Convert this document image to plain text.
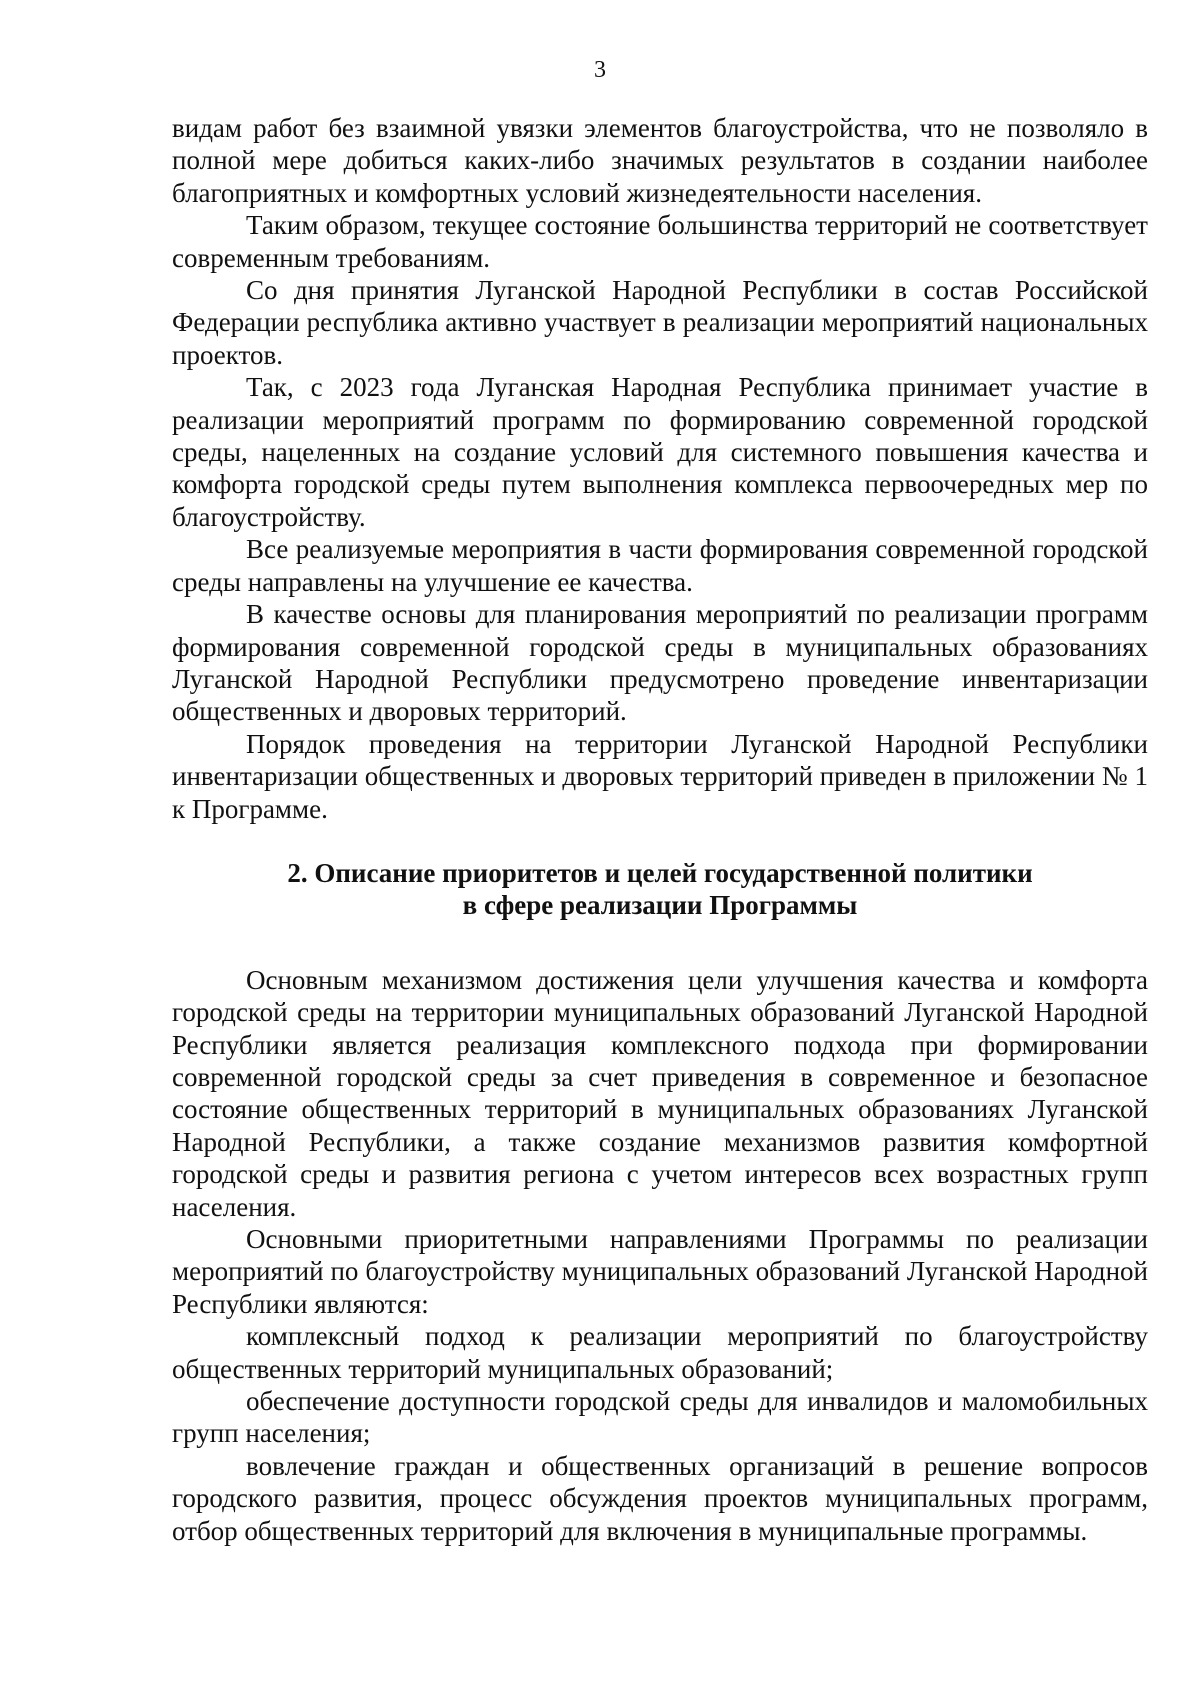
3

видам работ без взаимной увязки элементов благоустройства, что не позволяло в полной мере добиться каких-либо значимых результатов в создании наиболее благоприятных и комфортных условий жизнедеятельности населения.

Таким образом, текущее состояние большинства территорий не соответствует современным требованиям.

Со дня принятия Луганской Народной Республики в состав Российской Федерации республика активно участвует в реализации мероприятий национальных проектов.

Так, с 2023 года Луганская Народная Республика принимает участие в реализации мероприятий программ по формированию современной городской среды, нацеленных на создание условий для системного повышения качества и комфорта городской среды путем выполнения комплекса первоочередных мер по благоустройству.

Все реализуемые мероприятия в части формирования современной городской среды направлены на улучшение ее качества.

В качестве основы для планирования мероприятий по реализации программ формирования современной городской среды в муниципальных образованиях Луганской Народной Республики предусмотрено проведение инвентаризации общественных и дворовых территорий.

Порядок проведения на территории Луганской Народной Республики инвентаризации общественных и дворовых территорий приведен в приложении № 1 к Программе.

2. Описание приоритетов и целей государственной политики
в сфере реализации Программы

Основным механизмом достижения цели улучшения качества и комфорта городской среды на территории муниципальных образований Луганской Народной Республики является реализация комплексного подхода при формировании современной городской среды за счет приведения в современное и безопасное состояние общественных территорий в муниципальных образованиях Луганской Народной Республики, а также создание механизмов развития комфортной городской среды и развития региона с учетом интересов всех возрастных групп населения.

Основными приоритетными направлениями Программы по реализации мероприятий по благоустройству муниципальных образований Луганской Народной Республики являются:

комплексный подход к реализации мероприятий по благоустройству общественных территорий муниципальных образований;

обеспечение доступности городской среды для инвалидов и маломобильных групп населения;

вовлечение граждан и общественных организаций в решение вопросов городского развития, процесс обсуждения проектов муниципальных программ, отбор общественных территорий для включения в муниципальные программы.
